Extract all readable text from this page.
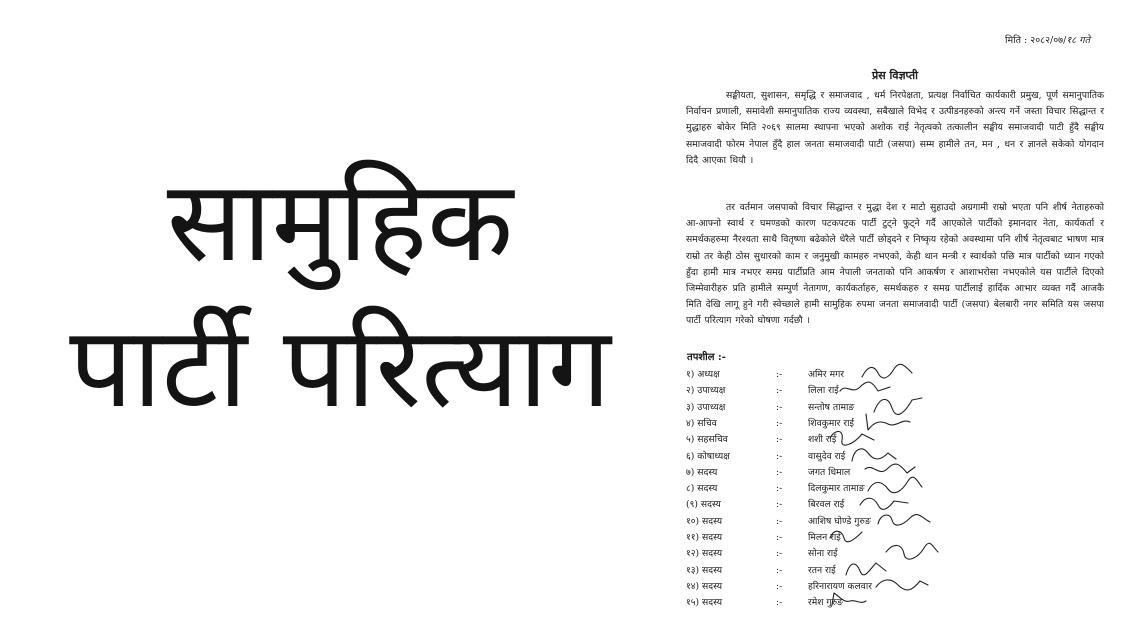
सामुहिक
पार्टी परित्याग
मिति : २०८२/०७/१८ गते
प्रेस विज्ञप्ती

सङ्घीयता, सुशासन, समृद्धि र समाजवाद , धर्म निरपेक्षता, प्रत्यक्ष निर्वाचित कार्यकारी प्रमुख, पूर्ण समानुपातिक निर्वाचन प्रणाली, समावेशी समानुपातिक राज्य व्यवस्था, सबैखाले विभेद र उत्पीडनहरुको अन्त्य गर्ने जस्ता विचार सिद्धान्त र मुद्धाहरु बोकेर मिति २०६९ सालमा स्थापना भएको अशोक राई नेतृत्वको तत्कालीन सङ्घीय समाजवादी पाटी हुँदै सङ्घीय समाजवादी फोरम नेपाल हुँदै हाल जनता समाजवादी पाटी (जसपा) सम्म हामीले तन, मन , धन र ज्ञानले सकेको योगदान दिदै आएका थियौ ।

तर वर्तमान जसपाको विचार सिद्धान्त र मुद्धा देश र माटो सुहाउदो अग्रगामी राम्रो भएता पनि शीर्ष नेताहरुको आ-आफ्नो स्वार्थ र घमण्डको कारण पटकपटक पार्टी टुट्ने फुट्ने गर्दै आएकोले पार्टीको इमानदार नेता, कार्यकर्ता र समर्थकहरुमा नैरश्यता साथै वितृष्णा बढेकोले धेरैले पार्टी छोड्दने र निष्कृय रहेको अवस्थामा पनि शीर्ष नेतृत्वबाट भाषण मात्र राम्रो तर केही ठोस सुधारको काम र जनुमुखी कामहरु नभएको, केही थान मन्त्री र स्वार्थको पछि मात्र पार्टीको ध्यान गएको हुँदा हामी मात्र नभएर समग्र पार्टीप्रति आम नेपाली जनताको पनि आकर्षण र आशाभरोसा नभएकोले यस पार्टीले दिएको जिम्मेवारीहरु प्रति हामीले सम्पुर्ण नेतागण, कार्यकर्ताहरु, समर्थकहरु र समग्र पार्टीलाई हार्दिक आभार व्यक्त गर्दै आजकै मिति देखि लागू हुने गरी स्वेच्छाले हामी सामुहिक रुपमा जनता समाजवादी पार्टी (जसपा) बेलबारी नगर समिति यस जसपा पार्टी परित्याग गरेको घोषणा गर्दछौ ।

तपशील :-
१) अध्यक्ष	:-	अमिर मगर
२) उपाध्यक्ष	:-	लिला राई
३) उपाध्यक्ष	:-	सन्तोष तामाङ
४) सचिव	:-	शिवकुमार राई
५) सहसचिव	:-	शशी राई
६) कोषाध्यक्ष	:-	वासुदेव राई
७) सदस्य	:-	जगत धिमाल
८) सदस्य	:-	दिलकुमार तामाङ
(९) सदस्य	:-	बिरवल राई
१०) सदस्य	:-	आशिष घोण्डे गुरुङ
११) सदस्य	:-	मिलन राई
१२) सदस्य	:-	सोना राई
१३) सदस्य	:-	रतन राई
१४) सदस्य	:-	हरिनारायण कलवार
१५) सदस्य	:-	रमेश गुरुङ
